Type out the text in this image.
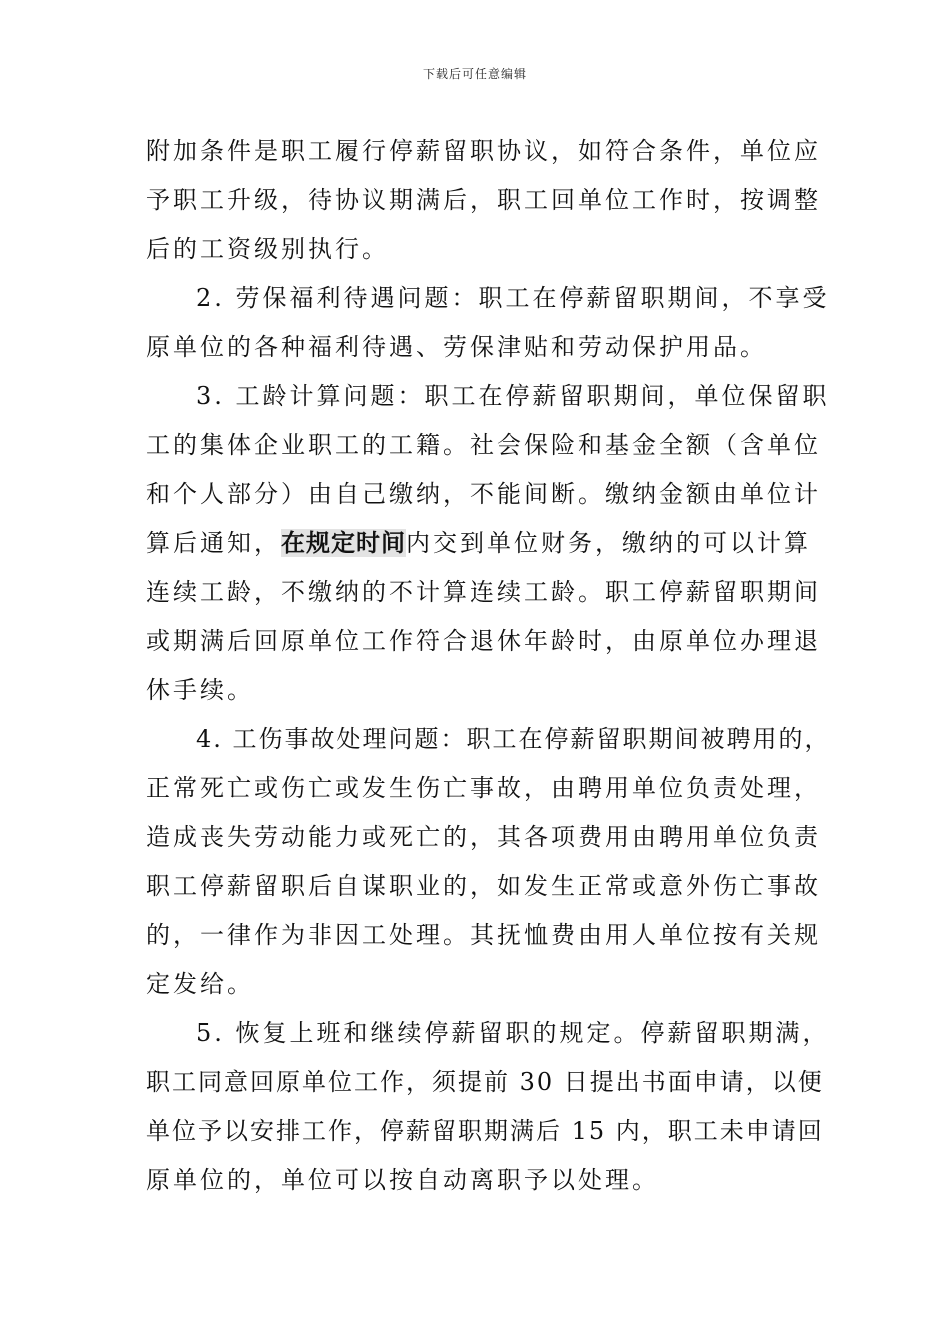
下载后可任意编辑
附加条件是职工履行停薪留职协议，如符合条件，单位应
予职工升级，待协议期满后，职工回单位工作时，按调整
后的工资级别执行。
2. 劳保福利待遇问题：职工在停薪留职期间，不享受
原单位的各种福利待遇、劳保津贴和劳动保护用品。
3. 工龄计算问题：职工在停薪留职期间，单位保留职
工的集体企业职工的工籍。社会保险和基金全额（含单位
和个人部分）由自己缴纳，不能间断。缴纳金额由单位计
算后通知，在规定时间内交到单位财务，缴纳的可以计算
连续工龄，不缴纳的不计算连续工龄。职工停薪留职期间
或期满后回原单位工作符合退休年龄时，由原单位办理退
休手续。
4. 工伤事故处理问题：职工在停薪留职期间被聘用的，
正常死亡或伤亡或发生伤亡事故，由聘用单位负责处理，
造成丧失劳动能力或死亡的，其各项费用由聘用单位负责
职工停薪留职后自谋职业的，如发生正常或意外伤亡事故
的，一律作为非因工处理。其抚恤费由用人单位按有关规
定发给。
5. 恢复上班和继续停薪留职的规定。停薪留职期满，
职工同意回原单位工作，须提前 30 日提出书面申请，以便
单位予以安排工作，停薪留职期满后 15 内，职工未申请回
原单位的，单位可以按自动离职予以处理。
